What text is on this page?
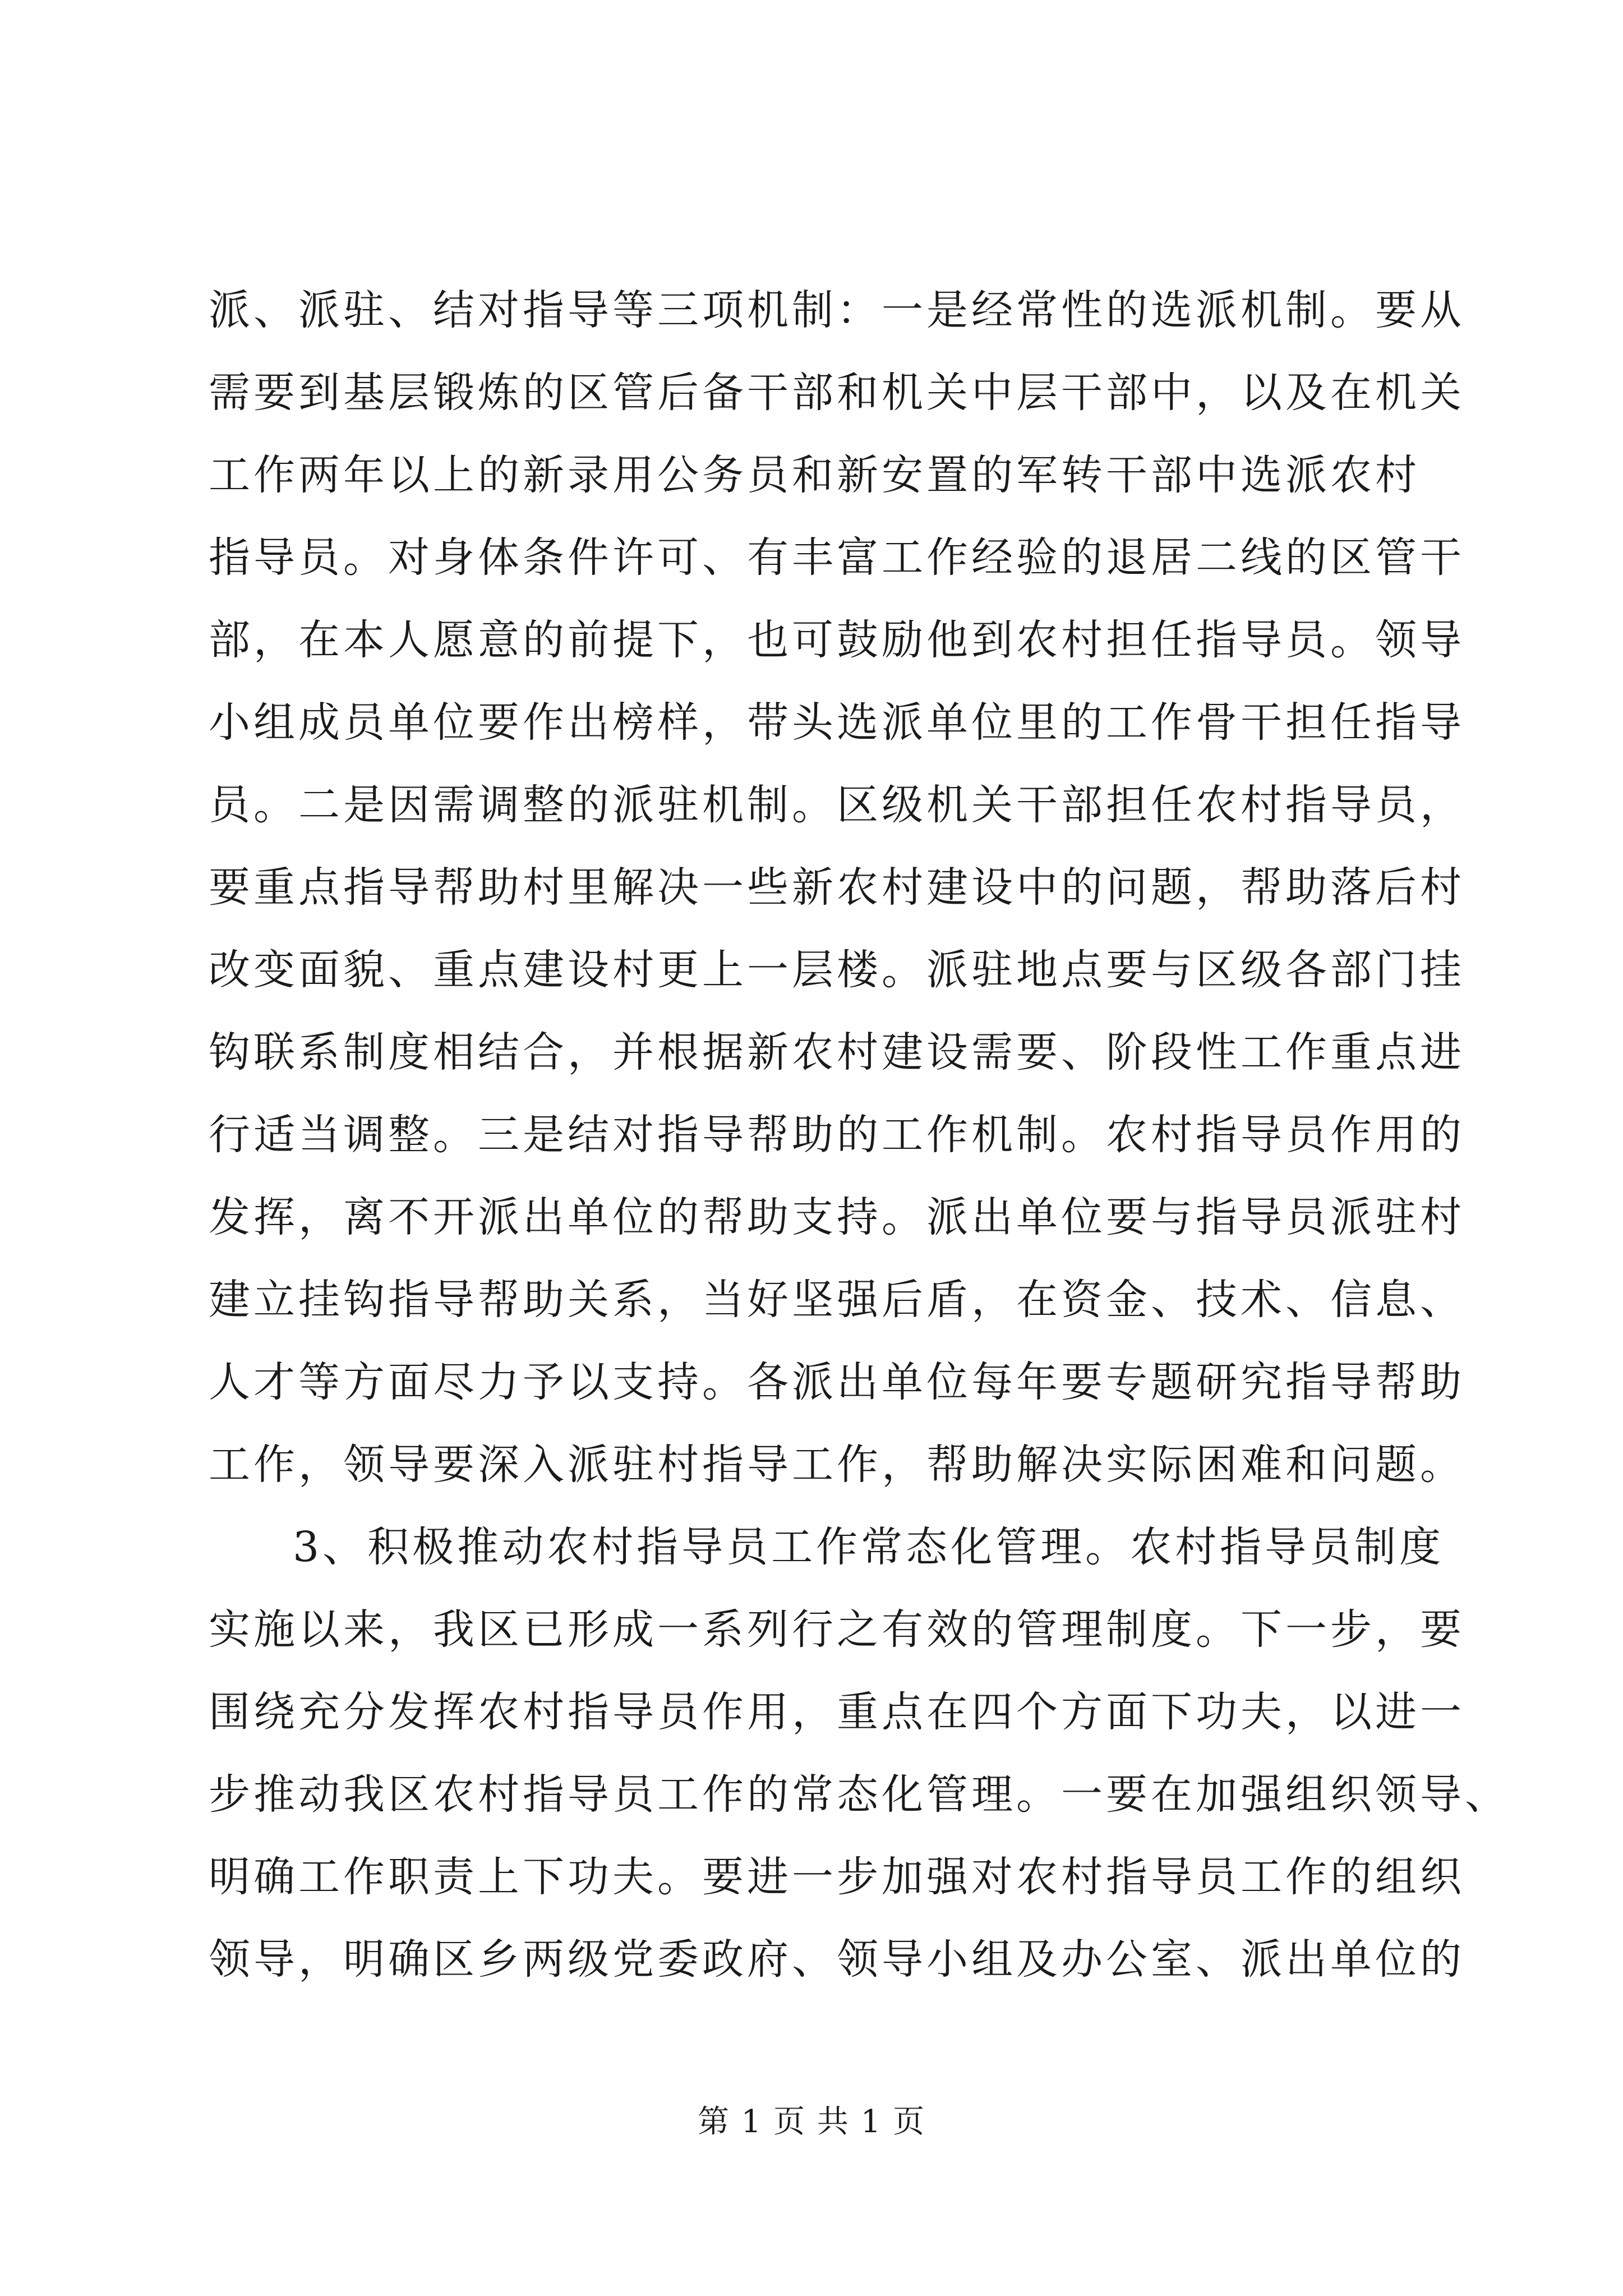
派、派驻、结对指导等三项机制：一是经常性的选派机制。要从
需要到基层锻炼的区管后备干部和机关中层干部中，以及在机关
工作两年以上的新录用公务员和新安置的军转干部中选派农村
指导员。对身体条件许可、有丰富工作经验的退居二线的区管干
部，在本人愿意的前提下，也可鼓励他到农村担任指导员。领导
小组成员单位要作出榜样，带头选派单位里的工作骨干担任指导
员。二是因需调整的派驻机制。区级机关干部担任农村指导员，
要重点指导帮助村里解决一些新农村建设中的问题，帮助落后村
改变面貌、重点建设村更上一层楼。派驻地点要与区级各部门挂
钩联系制度相结合，并根据新农村建设需要、阶段性工作重点进
行适当调整。三是结对指导帮助的工作机制。农村指导员作用的
发挥，离不开派出单位的帮助支持。派出单位要与指导员派驻村
建立挂钩指导帮助关系，当好坚强后盾，在资金、技术、信息、
人才等方面尽力予以支持。各派出单位每年要专题研究指导帮助
工作，领导要深入派驻村指导工作，帮助解决实际困难和问题。
3、积极推动农村指导员工作常态化管理。农村指导员制度
实施以来，我区已形成一系列行之有效的管理制度。下一步，要
围绕充分发挥农村指导员作用，重点在四个方面下功夫，以进一
步推动我区农村指导员工作的常态化管理。一要在加强组织领导、
明确工作职责上下功夫。要进一步加强对农村指导员工作的组织
领导，明确区乡两级党委政府、领导小组及办公室、派出单位的
第 1 页 共 1 页
